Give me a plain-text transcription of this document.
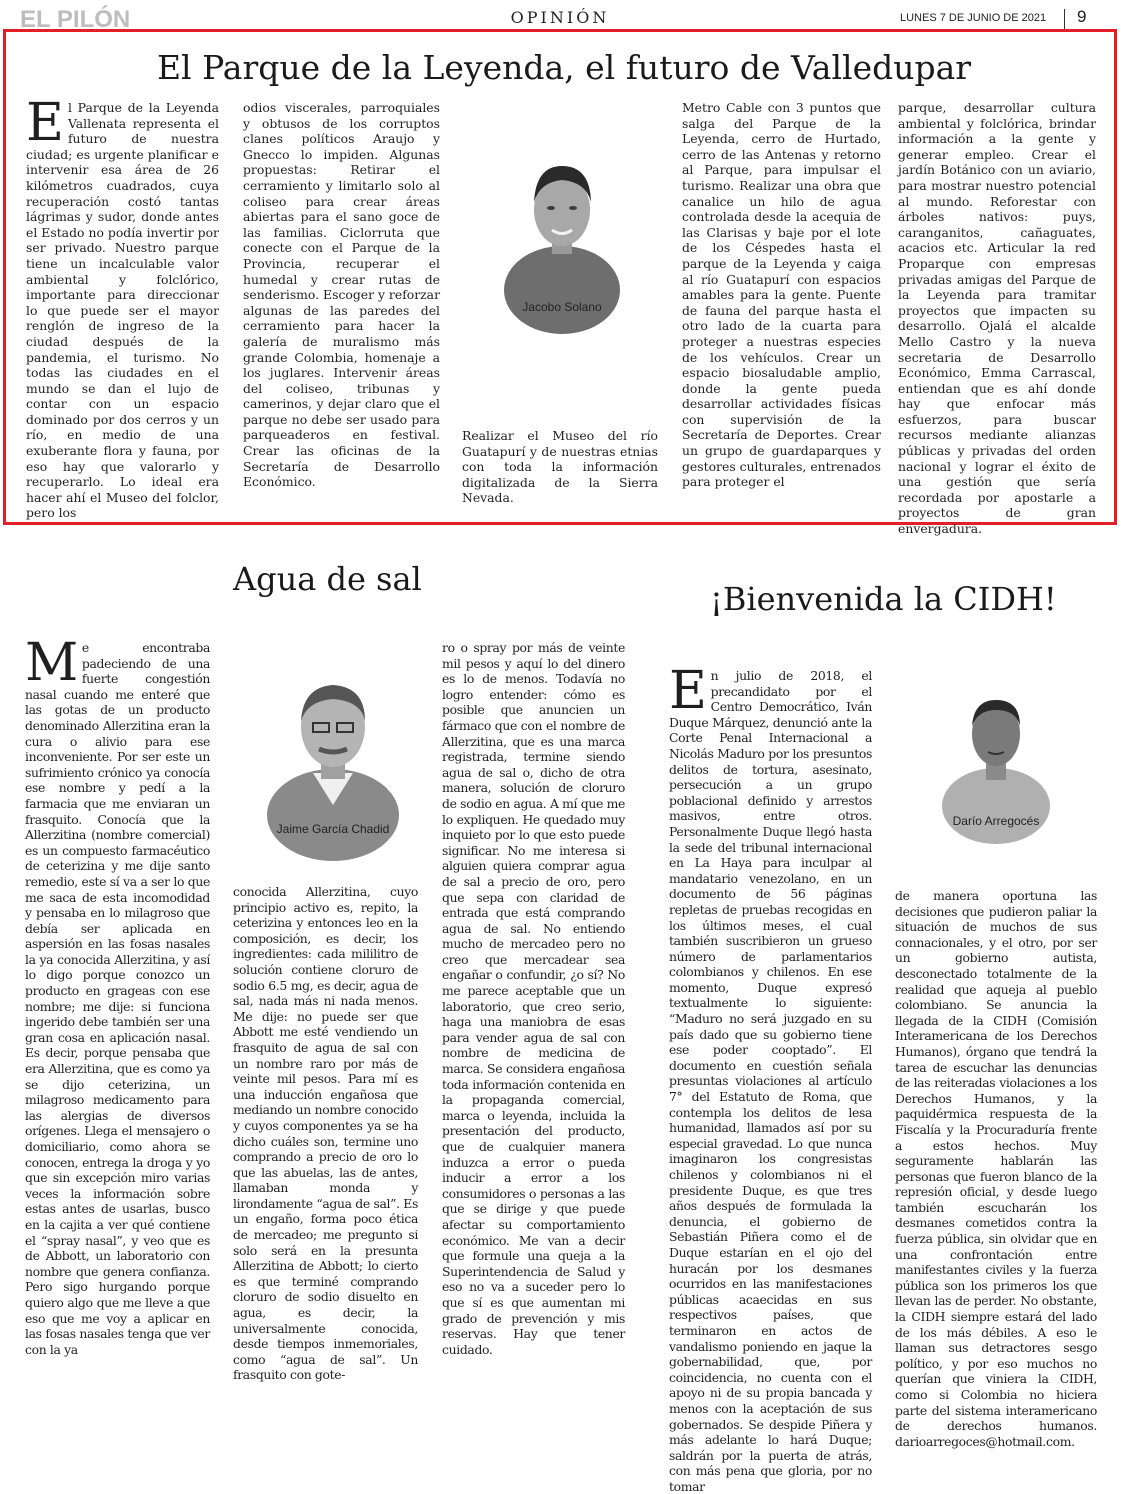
EL PILÓN	OPINIÓN	LUNES 7 DE JUNIO DE 2021 9
El Parque de la Leyenda, el futuro de Valledupar
E l Parque de la Leyenda Vallenata representa el futuro de nuestra ciudad; es urgente planificar e intervenir esa área de 26 kilómetros cuadrados, cuya recuperación costó tantas lágrimas y sudor, donde antes el Estado no podía invertir por ser privado. Nuestro parque tiene un incalculable valor ambiental y folclórico, importante para direccionar lo que puede ser el mayor renglón de ingreso de la ciudad después de la pandemia, el turismo. No todas las ciudades en el mundo se dan el lujo de contar con un espacio dominado por dos cerros y un río, en medio de una exuberante flora y fauna, por eso hay que valorarlo y recuperarlo. Lo ideal era hacer ahí el Museo del folclor, pero los
odios viscerales, parroquiales y obtusos de los corruptos clanes políticos Araujo y Gnecco lo impiden. Algunas propuestas: Retirar el cerramiento y limitarlo solo al coliseo para crear áreas abiertas para el sano goce de las familias. Ciclorruta que conecte con el Parque de la Provincia, recuperar el humedal y crear rutas de senderismo. Escoger y reforzar algunas de las paredes del cerramiento para hacer la galería de muralismo más grande Colombia, homenaje a los juglares. Intervenir áreas del coliseo, tribunas y camerinos, y dejar claro que el parque no debe ser usado para parqueaderos en festival. Crear las oficinas de la Secretaría de Desarrollo Económico.
Jacobo Solano
Realizar el Museo del río Guatapurí y de nuestras etnias con toda la información digitalizada de la Sierra Nevada.
Metro Cable con 3 puntos que salga del Parque de la Leyenda, cerro de Hurtado, cerro de las Antenas y retorno al Parque, para impulsar el turismo. Realizar una obra que canalice un hilo de agua controlada desde la acequia de las Clarisas y baje por el lote de los Céspedes hasta el parque de la Leyenda y caiga al río Guatapurí con espacios amables para la gente. Puente de fauna del parque hasta el otro lado de la cuarta para proteger a nuestras especies de los vehículos. Crear un espacio biosaludable amplio, donde la gente pueda desarrollar actividades físicas con supervisión de la Secretaría de Deportes. Crear un grupo de guardaparques y gestores culturales, entrenados para proteger el
parque, desarrollar cultura ambiental y folclórica, brindar información a la gente y generar empleo. Crear el jardín Botánico con un aviario, para mostrar nuestro potencial al mundo. Reforestar con árboles nativos: puys, caranganitos, cañaguates, acacios etc. Articular la red Proparque con empresas privadas amigas del Parque de la Leyenda para tramitar proyectos que impacten su desarrollo. Ojalá el alcalde Mello Castro y la nueva secretaria de Desarrollo Económico, Emma Carrascal, entiendan que es ahí donde hay que enfocar más esfuerzos, para buscar recursos mediante alianzas públicas y privadas del orden nacional y lograr el éxito de una gestión que sería recordada por apostarle a proyectos de gran envergadura.
Agua de sal
M e encontraba padeciendo de una fuerte congestión nasal cuando me enteré que las gotas de un producto denominado Allerzitina eran la cura o alivio para ese inconveniente. Por ser este un sufrimiento crónico ya conocía ese nombre y pedí a la farmacia que me enviaran un frasquito. Conocía que la Allerzitina (nombre comercial) es un compuesto farmacéutico de ceterizina y me dije santo remedio, este sí va a ser lo que me saca de esta incomodidad y pensaba en lo milagroso que debía ser aplicada en aspersión en las fosas nasales la ya conocida Allerzitina, y así lo digo porque conozco un producto en grageas con ese nombre; me dije: si funciona ingerido debe también ser una gran cosa en aplicación nasal. Es decir, porque pensaba que era Allerzitina, que es como ya se dijo ceterizina, un milagroso medicamento para las alergias de diversos orígenes. Llega el mensajero o domiciliario, como ahora se conocen, entrega la droga y yo que sin excepción miro varias veces la información sobre estas antes de usarlas, busco en la cajita a ver qué contiene el “spray nasal”, y veo que es de Abbott, un laboratorio con nombre que genera confianza. Pero sigo hurgando porque quiero algo que me lleve a que eso que me voy a aplicar en las fosas nasales tenga que ver con la ya
Jaime García Chadid
conocida Allerzitina, cuyo principio activo es, repito, la ceterizina y entonces leo en la composición, es decir, los ingredientes: cada mililitro de solución contiene cloruro de sodio 6.5 mg, es decir, agua de sal, nada más ni nada menos. Me dije: no puede ser que Abbott me esté vendiendo un frasquito de agua de sal con un nombre raro por más de veinte mil pesos. Para mí es una inducción engañosa que mediando un nombre conocido y cuyos componentes ya se ha dicho cuáles son, termine uno comprando a precio de oro lo que las abuelas, las de antes, llamaban monda y lirondamente “agua de sal”. Es un engaño, forma poco ética de mercadeo; me pregunto si solo será en la presunta Allerzitina de Abbott; lo cierto es que terminé comprando cloruro de sodio disuelto en agua, es decir, la universalmente conocida, desde tiempos inmemoriales, como “agua de sal”. Un frasquito con gote-
ro o spray por más de veinte mil pesos y aquí lo del dinero es lo de menos. Todavía no logro entender: cómo es posible que anuncien un fármaco que con el nombre de Allerzitina, que es una marca registrada, termine siendo agua de sal o, dicho de otra manera, solución de cloruro de sodio en agua. A mí que me lo expliquen. He quedado muy inquieto por lo que esto puede significar. No me interesa si alguien quiera comprar agua de sal a precio de oro, pero que sepa con claridad de entrada que está comprando agua de sal. No entiendo mucho de mercadeo pero no creo que mercadear sea engañar o confundir, ¿o sí? No me parece aceptable que un laboratorio, que creo serio, haga una maniobra de esas para vender agua de sal con nombre de medicina de marca. Se considera engañosa toda información contenida en la propaganda comercial, marca o leyenda, incluida la presentación del producto, que de cualquier manera induzca a error o pueda inducir a error a los consumidores o personas a las que se dirige y que puede afectar su comportamiento económico. Me van a decir que formule una queja a la Superintendencia de Salud y eso no va a suceder pero lo que sí es que aumentan mi grado de prevención y mis reservas. Hay que tener cuidado.
¡Bienvenida la CIDH!
E n julio de 2018, el precandidato por el Centro Democrático, Iván Duque Márquez, denunció ante la Corte Penal Internacional a Nicolás Maduro por los presuntos delitos de tortura, asesinato, persecución a un grupo poblacional definido y arrestos masivos, entre otros. Personalmente Duque llegó hasta la sede del tribunal internacional en La Haya para inculpar al mandatario venezolano, en un documento de 56 páginas repletas de pruebas recogidas en los últimos meses, el cual también suscribieron un grueso número de parlamentarios colombianos y chilenos. En ese momento, Duque expresó textualmente lo siguiente: “Maduro no será juzgado en su país dado que su gobierno tiene ese poder cooptado”. El documento en cuestión señala presuntas violaciones al artículo 7° del Estatuto de Roma, que contempla los delitos de lesa humanidad, llamados así por su especial gravedad. Lo que nunca imaginaron los congresistas chilenos y colombianos ni el presidente Duque, es que tres años después de formulada la denuncia, el gobierno de Sebastián Piñera como el de Duque estarían en el ojo del huracán por los desmanes ocurridos en las manifestaciones públicas acaecidas en sus respectivos países, que terminaron en actos de vandalismo poniendo en jaque la gobernabilidad, que, por coincidencia, no cuenta con el apoyo ni de su propia bancada y menos con la aceptación de sus gobernados. Se despide Piñera y más adelante lo hará Duque; saldrán por la puerta de atrás, con más pena que gloria, por no tomar
Darío Arregocés
de manera oportuna las decisiones que pudieron paliar la situación de muchos de sus connacionales, y el otro, por ser un gobierno autista, desconectado totalmente de la realidad que aqueja al pueblo colombiano. Se anuncia la llegada de la CIDH (Comisión Interamericana de los Derechos Humanos), órgano que tendrá la tarea de escuchar las denuncias de las reiteradas violaciones a los Derechos Humanos, y la paquidérmica respuesta de la Fiscalía y la Procuraduría frente a estos hechos. Muy seguramente hablarán las personas que fueron blanco de la represión oficial, y desde luego también escucharán los desmanes cometidos contra la fuerza pública, sin olvidar que en una confrontación entre manifestantes civiles y la fuerza pública son los primeros los que llevan las de perder. No obstante, la CIDH siempre estará del lado de los más débiles. A eso le llaman sus detractores sesgo político, y por eso muchos no querían que viniera la CIDH, como si Colombia no hiciera parte del sistema interamericano de derechos humanos. darioarregoces@hotmail.com.
